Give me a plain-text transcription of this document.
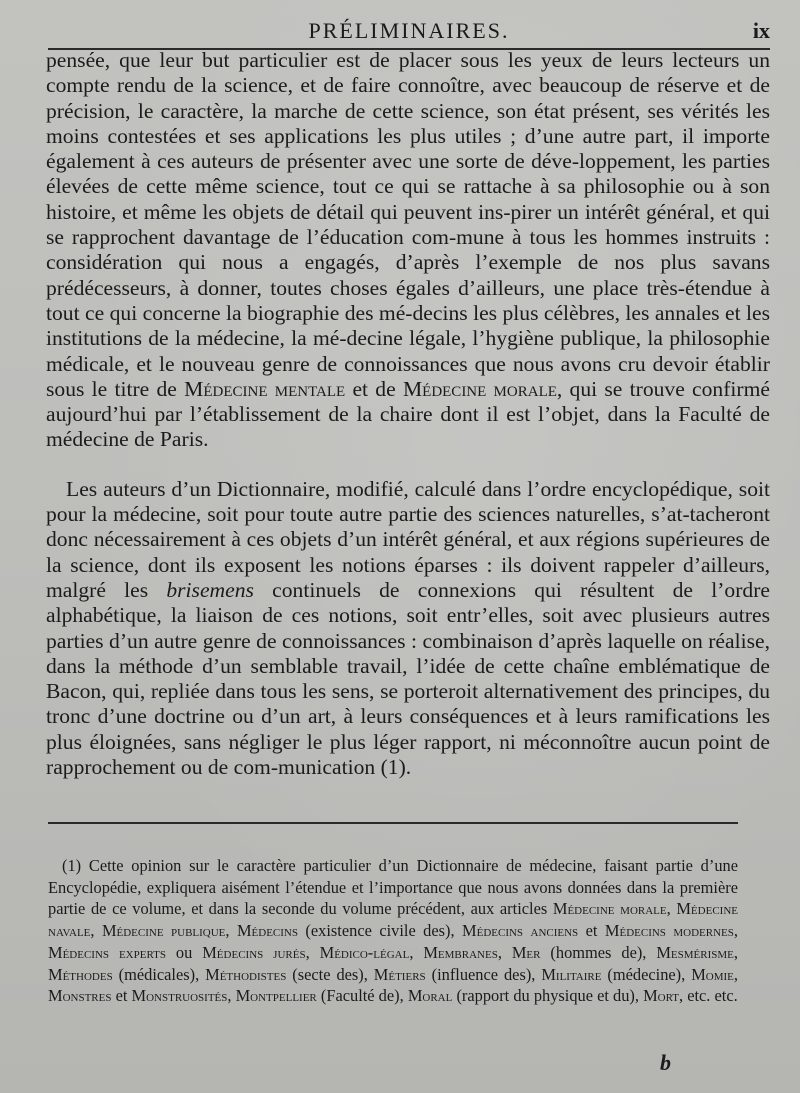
PRÉLIMINAIRES.	ix

pensée, que leur but particulier est de placer sous les yeux de leurs lecteurs un compte rendu de la science, et de faire connoître, avec beaucoup de réserve et de précision, le caractère, la marche de cette science, son état présent, ses vérités les moins contestées et ses applications les plus utiles ; d’une autre part, il importe également à ces auteurs de présenter avec une sorte de déve-loppement, les parties élevées de cette même science, tout ce qui se rattache à sa philosophie ou à son histoire, et même les objets de détail qui peuvent ins-pirer un intérêt général, et qui se rapprochent davantage de l’éducation com-mune à tous les hommes instruits : considération qui nous a engagés, d’après l’exemple de nos plus savans prédécesseurs, à donner, toutes choses égales d’ailleurs, une place très-étendue à tout ce qui concerne la biographie des mé-decins les plus célèbres, les annales et les institutions de la médecine, la mé-decine légale, l’hygiène publique, la philosophie médicale, et le nouveau genre de connoissances que nous avons cru devoir établir sous le titre de Médecine mentale et de Médecine morale, qui se trouve confirmé aujourd’hui par l’établissement de la chaire dont il est l’objet, dans la Faculté de médecine de Paris.

Les auteurs d’un Dictionnaire, modifié, calculé dans l’ordre encyclopédique, soit pour la médecine, soit pour toute autre partie des sciences naturelles, s’at-tacheront donc nécessairement à ces objets d’un intérêt général, et aux régions supérieures de la science, dont ils exposent les notions éparses : ils doivent rappeler d’ailleurs, malgré les brisemens continuels de connexions qui résultent de l’ordre alphabétique, la liaison de ces notions, soit entr’elles, soit avec plusieurs autres parties d’un autre genre de connoissances : combinaison d’après laquelle on réalise, dans la méthode d’un semblable travail, l’idée de cette chaîne emblématique de Bacon, qui, repliée dans tous les sens, se porteroit alternativement des principes, du tronc d’une doctrine ou d’un art, à leurs conséquences et à leurs ramifications les plus éloignées, sans négliger le plus léger rapport, ni méconnoître aucun point de rapprochement ou de com-munication (1).

(1) Cette opinion sur le caractère particulier d’un Dictionnaire de médecine, faisant partie d’une Encyclopédie, expliquera aisément l’étendue et l’importance que nous avons données dans la première partie de ce volume, et dans la seconde du volume précédent, aux articles Médecine morale, Médecine navale, Médecine publique, Médecins (existence civile des), Médecins anciens et Médecins modernes, Médecins experts ou Médecins jurés, Médico-légal, Membranes, Mer (hommes de), Mesmérisme, Méthodes (médicales), Méthodistes (secte des), Métiers (influence des), Militaire (médecine), Momie, Monstres et Monstruosités, Montpellier (Faculté de), Moral (rapport du physique et du), Mort, etc. etc.

b
